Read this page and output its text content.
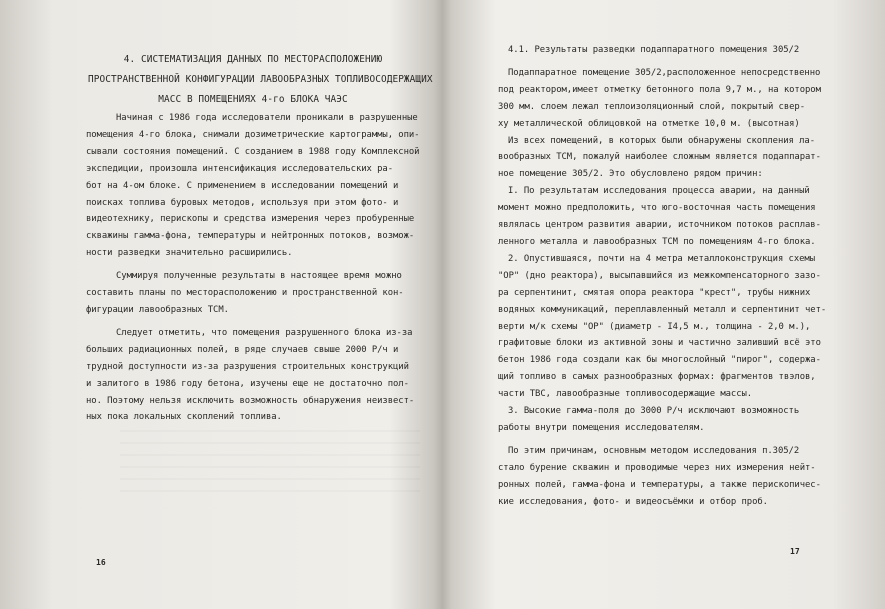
4. СИСТЕМАТИЗАЦИЯ ДАННЫХ ПО МЕСТОРАСПОЛОЖЕНИЮ
ПРОСТРАНСТВЕННОЙ КОНФИГУРАЦИИ ЛАВООБРАЗНЫХ ТОПЛИВОСОДЕРЖАЩИХ
МАСС В ПОМЕЩЕНИЯХ 4-го БЛОКА ЧАЭС

Начиная с 1986 года исследователи проникали в разрушенные

помещения 4-го блока, снимали дозиметрические картограммы, опи-

сывали состояния помещений. С созданием в 1988 году Комплексной

экспедиции, произошла интенсификация исследовательских ра-

бот на 4-ом блоке. С применением в исследовании помещений и

поисках топлива буровых методов, используя при этом фото- и

видеотехнику, перископы и средства измерения через пробуренные

скважины гамма-фона, температуры и нейтронных потоков, возмож-

ности разведки значительно расширились.

Суммируя полученные результаты в настоящее время можно

составить планы по месторасположению и пространственной кон-

фигурации лавообразных ТСМ.

Следует отметить, что помещения разрушенного блока из-за

больших радиационных полей, в ряде случаев свыше 2000 Р/ч и

трудной доступности из-за разрушения строительных конструкций

и залитого в 1986 году бетона, изучены еще не достаточно пол-

но. Поэтому нельзя исключить возможность обнаружения неизвест-

ных пока локальных скоплений топлива.

16

4.1. Результаты разведки подаппаратного помещения 305/2

Подаппаратное помещение 305/2,расположенное непосредственно

под реактором,имеет отметку бетонного пола 9,7 м., на котором

300 мм. слоем лежал теплоизоляционный слой, покрытый свер-

ху металлической облицовкой на отметке 10,0 м. (высотная)

Из всех помещений, в которых были обнаружены скопления ла-

вообразных ТСМ, пожалуй наиболее сложным является подаппарат-

ное помещение 305/2. Это обусловлено рядом причин:

I. По результатам исследования процесса аварии, на данный

момент можно предположить, что юго-восточная часть помещения

являлась центром развития аварии, источником потоков расплав-

ленного металла и лавообразных ТСМ по помещениям 4-го блока.

2. Опустившаяся, почти на 4 метра металлоконструкция схемы

"ОР" (дно реактора), высыпавшийся из межкомпенсаторного зазо-

ра серпентинит, смятая опора реактора "крест", трубы нижних

водяных коммуникаций, переплавленный металл и серпентинит чет-

верти м/к схемы "ОР" (диаметр - I4,5 м., толщина - 2,0 м.),

графитовые блоки из активной зоны и частично заливший всё это

бетон 1986 года создали как бы многослойный "пирог", содержа-

щий топливо в самых разнообразных формах: фрагментов твэлов,

части ТВС, лавообразные топливосодержащие массы.

3. Высокие гамма-поля до 3000 Р/ч исключают возможность

работы внутри помещения исследователям.

По этим причинам, основным методом исследования п.305/2

стало бурение скважин и проводимые через них измерения нейт-

ронных полей, гамма-фона и температуры, а также перископичес-

кие исследования, фото- и видеосъёмки и отбор проб.

17
